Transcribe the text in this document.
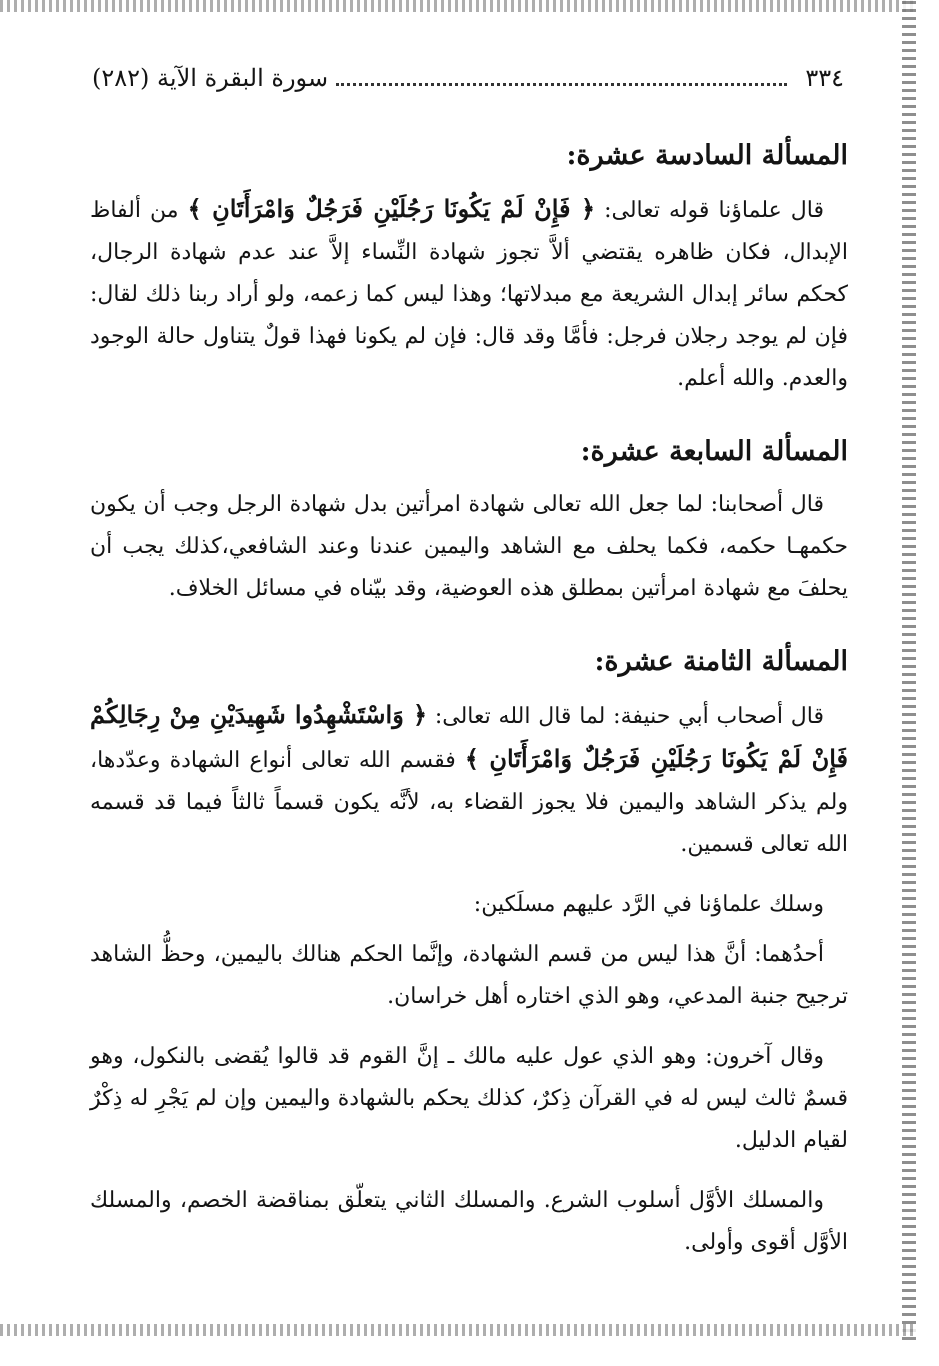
٣٣٤
سورة البقرة الآية (٢٨٢)
المسألة السادسة عشرة:

قال علماؤنا قوله تعالى: ﴿ فَإِنْ لَمْ يَكُونَا رَجُلَيْنِ فَرَجُلٌ وَامْرَأَتَانِ ﴾ من ألفاظ الإبدال، فكان ظاهره يقتضي ألاَّ تجوز شهادة النِّساء إلاَّ عند عدم شهادة الرجال، كحكم سائر إبدال الشريعة مع مبدلاتها؛ وهذا ليس كما زعمه، ولو أراد ربنا ذلك لقال: فإن لم يوجد رجلان فرجل: فأمَّا وقد قال: فإن لم يكونا فهذا قولٌ يتناول حالة الوجود والعدم. والله أعلم.

المسألة السابعة عشرة:

قال أصحابنا: لما جعل الله تعالى شهادة امرأتين بدل شهادة الرجل وجب أن يكون حكمهـا حكمه، فكما يحلف مع الشاهد واليمين عندنا وعند الشافعي،كذلك يجب أن يحلفَ مع شهادة امرأتين بمطلق هذه العوضية، وقد بيّناه في مسائل الخلاف.

المسألة الثامنة عشرة:

قال أصحاب أبي حنيفة: لما قال الله تعالى: ﴿ وَاسْتَشْهِدُوا شَهِيدَيْنِ مِنْ رِجَالِكُمْ فَإِنْ لَمْ يَكُونَا رَجُلَيْنِ فَرَجُلٌ وَامْرَأَتَانِ ﴾ فقسم الله تعالى أنواع الشهادة وعدّدها، ولم يذكر الشاهد واليمين فلا يجوز القضاء به، لأنَّه يكون قسماً ثالثاً فيما قد قسمه الله تعالى قسمين.

وسلك علماؤنا في الرَّد عليهم مسلَكين:

أحدُهما: أنَّ هذا ليس من قسم الشهادة، وإنَّما الحكم هنالك باليمين، وحظُّ الشاهد ترجيح جنبة المدعي، وهو الذي اختاره أهل خراسان.

وقال آخرون: وهو الذي عول عليه مالك ـ إنَّ القوم قد قالوا يُقضى بالنكول، وهو قسمٌ ثالث ليس له في القرآن ذِكرٌ، كذلك يحكم بالشهادة واليمين وإن لم يَجْرِ له ذِكْرٌ لقيام الدليل.

والمسلك الأوَّل أسلوب الشرع. والمسلك الثاني يتعلّق بمناقضة الخصم، والمسلك الأوَّل أقوى وأولى.
